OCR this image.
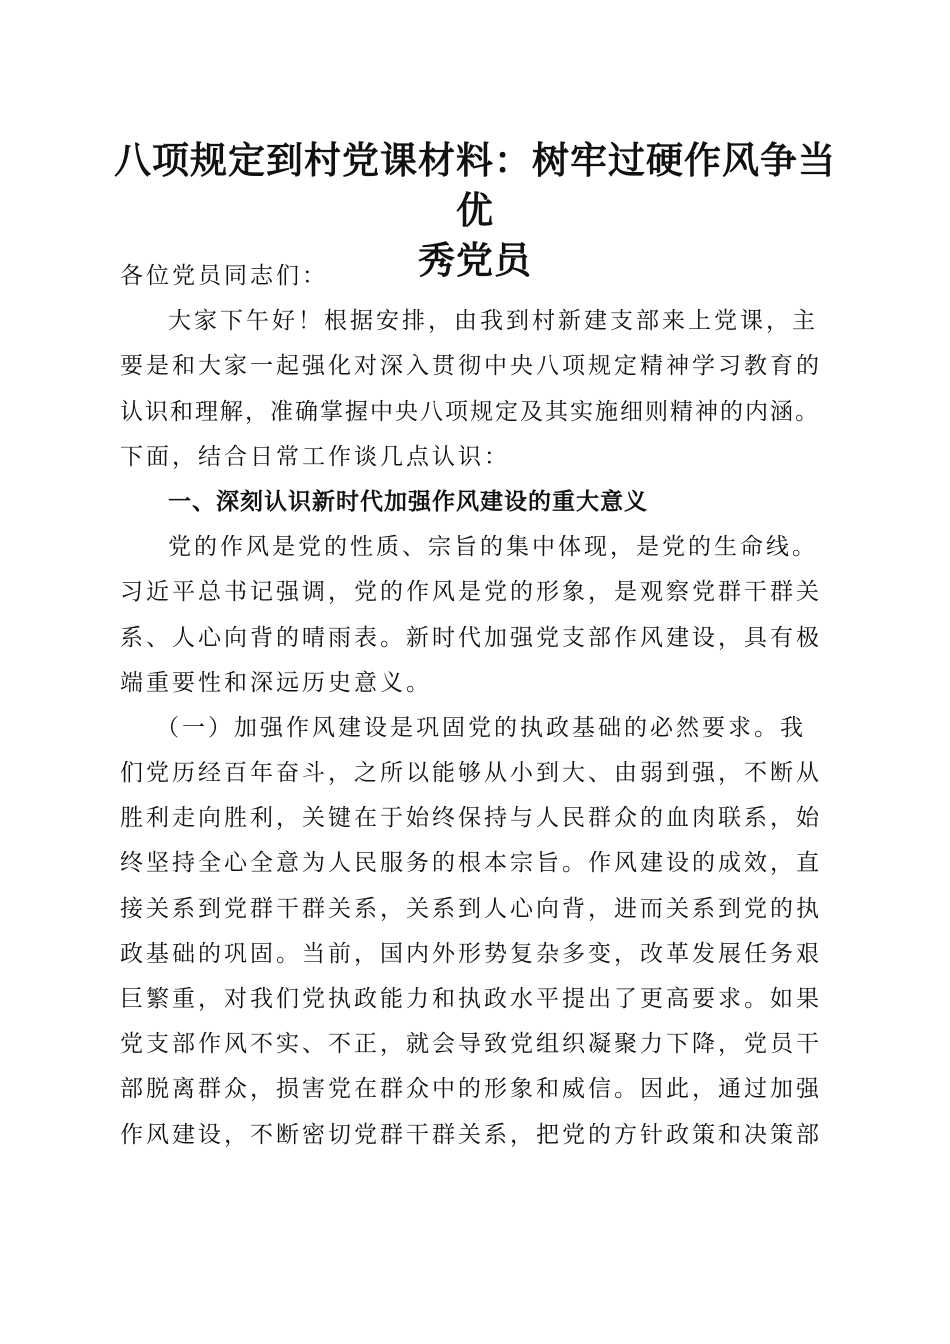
八项规定到村党课材料：树牢过硬作风争当优
秀党员
各位党员同志们：
大家下午好！根据安排，由我到村新建支部来上党课，主
要是和大家一起强化对深入贯彻中央八项规定精神学习教育的
认识和理解，准确掌握中央八项规定及其实施细则精神的内涵。
下面，结合日常工作谈几点认识：
一、深刻认识新时代加强作风建设的重大意义
党的作风是党的性质、宗旨的集中体现，是党的生命线。
习近平总书记强调，党的作风是党的形象，是观察党群干群关
系、人心向背的晴雨表。新时代加强党支部作风建设，具有极
端重要性和深远历史意义。
（一）加强作风建设是巩固党的执政基础的必然要求。我
们党历经百年奋斗，之所以能够从小到大、由弱到强，不断从
胜利走向胜利，关键在于始终保持与人民群众的血肉联系，始
终坚持全心全意为人民服务的根本宗旨。作风建设的成效，直
接关系到党群干群关系，关系到人心向背，进而关系到党的执
政基础的巩固。当前，国内外形势复杂多变，改革发展任务艰
巨繁重，对我们党执政能力和执政水平提出了更高要求。如果
党支部作风不实、不正，就会导致党组织凝聚力下降，党员干
部脱离群众，损害党在群众中的形象和威信。因此，通过加强
作风建设，不断密切党群干群关系，把党的方针政策和决策部
